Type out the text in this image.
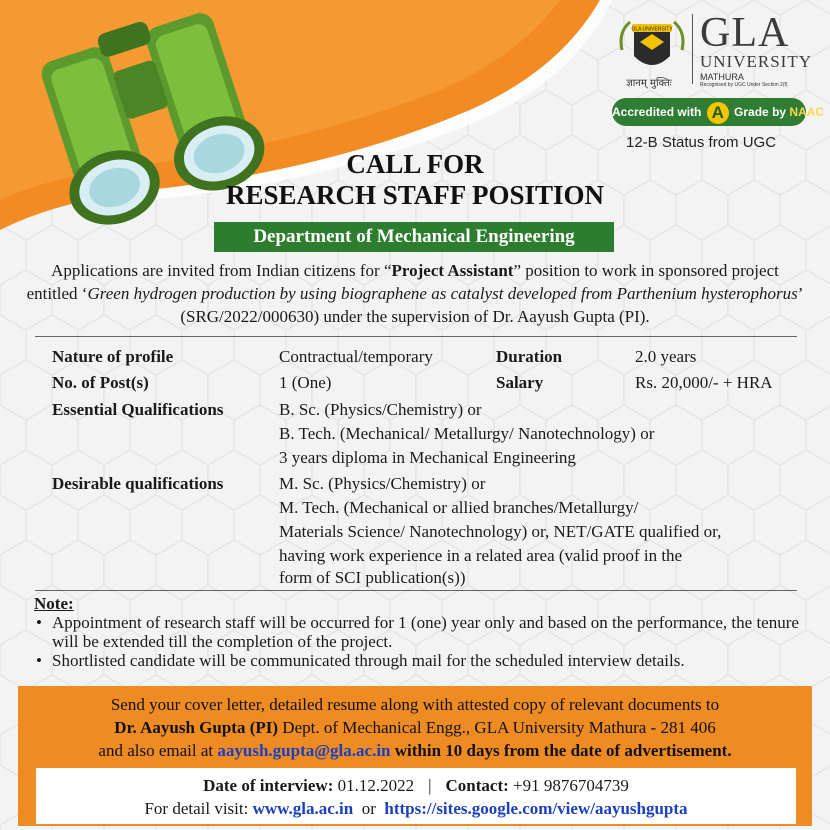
GLA UNIVERSITY
ज्ञानम् मुक्तिः
GLA
UNIVERSITY
MATHURA
Recognised by UGC Under Section 2(f)
Accredited with A Grade by NAAC
12-B Status from UGC
CALL FOR
RESEARCH STAFF POSITION
Department of Mechanical Engineering
Applications are invited from Indian citizens for “Project Assistant” position to work in sponsored project entitled ‘Green hydrogen production by using biographene as catalyst developed from Parthenium hysterophorus’ (SRG/2022/000630) under the supervision of Dr. Aayush Gupta (PI).
Nature of profile	Contractual/temporary	Duration	2.0 years
No. of Post(s)	1 (One)	Salary	Rs. 20,000/- + HRA
Essential Qualifications	B. Sc. (Physics/Chemistry) or
B. Tech. (Mechanical/ Metallurgy/ Nanotechnology) or
3 years diploma in Mechanical Engineering
Desirable qualifications	M. Sc. (Physics/Chemistry) or
M. Tech. (Mechanical or allied branches/Metallurgy/
Materials Science/ Nanotechnology) or, NET/GATE qualified or,
having work experience in a related area (valid proof in the
form of SCI publication(s))
Note:
• Appointment of research staff will be occurred for 1 (one) year only and based on the performance, the tenure will be extended till the completion of the project.
• Shortlisted candidate will be communicated through mail for the scheduled interview details.
Send your cover letter, detailed resume along with attested copy of relevant documents to
Dr. Aayush Gupta (PI) Dept. of Mechanical Engg., GLA University Mathura - 281 406
and also email at aayush.gupta@gla.ac.in within 10 days from the date of advertisement.
Date of interview: 01.12.2022 | Contact: +91 9876704739
For detail visit: www.gla.ac.in  or  https://sites.google.com/view/aayushgupta
